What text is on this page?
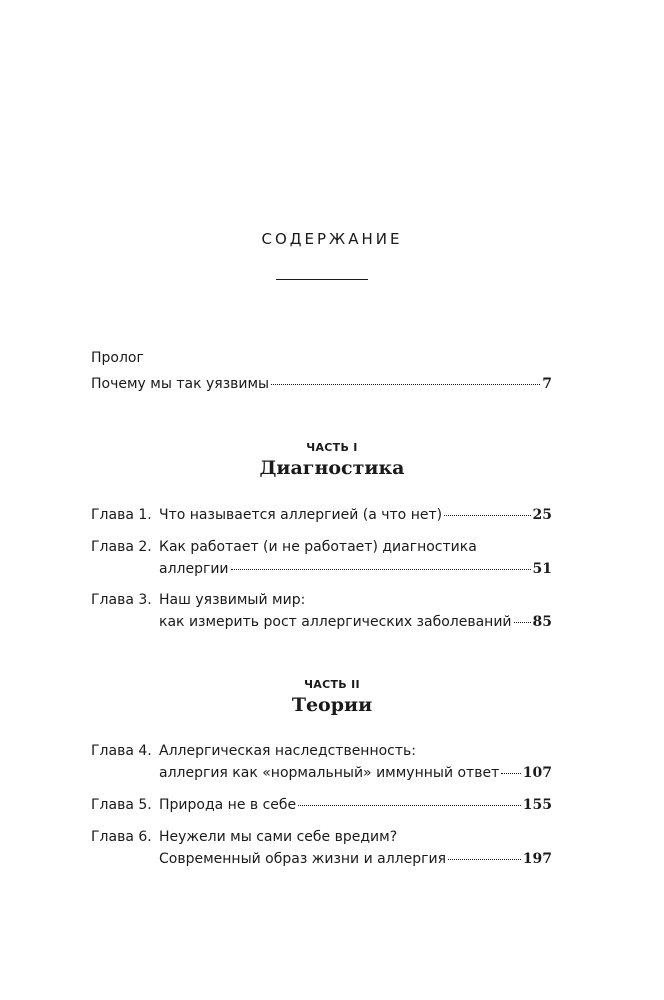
СОДЕРЖАНИЕ
Пролог
Почему мы так уязвимы	7
ЧАСТЬ I
Диагностика
Глава 1. Что называется аллергией (а что нет)	25
Глава 2. Как работает (и не работает) диагностика
аллергии	51
Глава 3. Наш уязвимый мир:
как измерить рост аллергических заболеваний 85
ЧАСТЬ II
Теории
Глава 4. Аллергическая наследственность:
аллергия как «нормальный» иммунный ответ 107
Глава 5. Природа не в себе	155
Глава 6. Неужели мы сами себе вредим?
Современный образ жизни и аллергия	197
